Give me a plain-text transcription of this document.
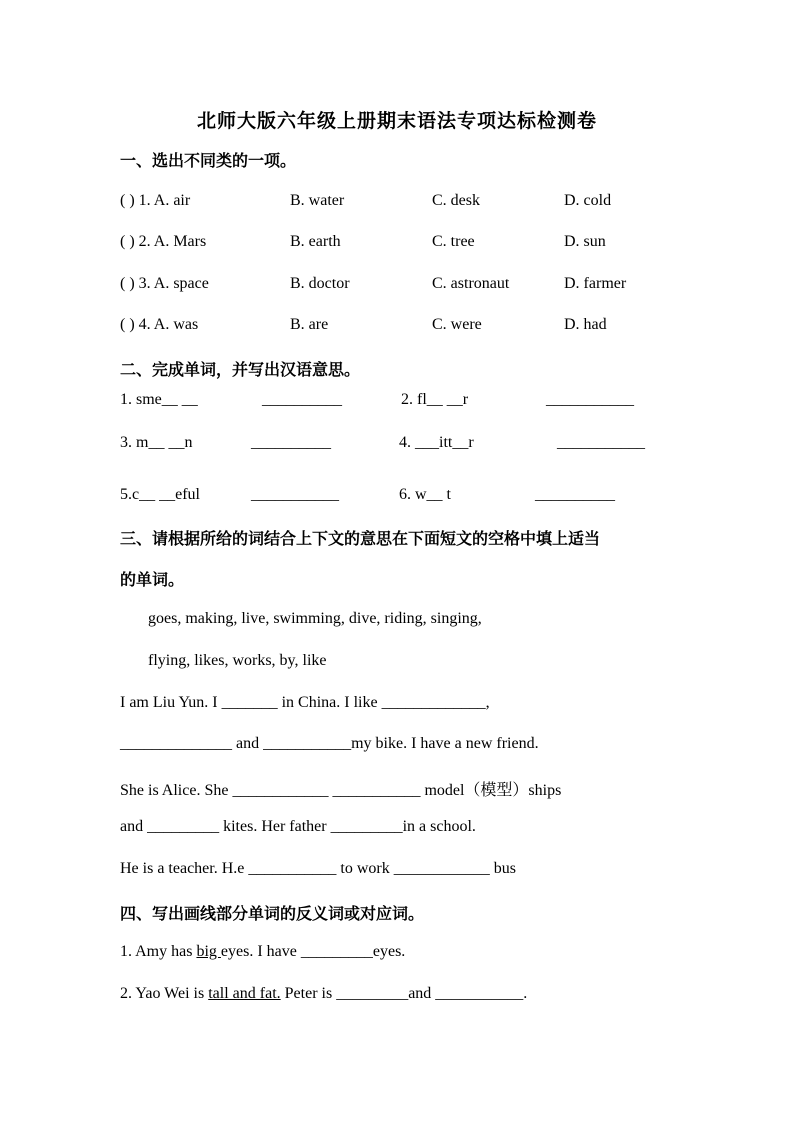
北师大版六年级上册期末语法专项达标检测卷
一、选出不同类的一项。
( ) 1. A. air	B. water	C. desk	D. cold
( ) 2. A. Mars	B. earth	C. tree	D. sun
( ) 3. A. space	B. doctor	C. astronaut	D. farmer
( ) 4. A. was	B. are	C. were	D. had
二、完成单词，并写出汉语意思。
1. sme__ __	__________	2. fl__ __r	___________
3. m__ __n	__________	4. ___itt__r	___________
5.c__ __eful	___________	6. w__ t	__________
三、请根据所给的词结合上下文的意思在下面短文的空格中填上适当
的单词。
goes, making, live, swimming, dive, riding, singing,
flying, likes, works, by, like
I am Liu Yun. I _______ in China. I like _____________,
______________ and ___________my bike. I have a new friend.
She is Alice. She ____________ ___________ model（模型）ships
and _________ kites. Her father _________in a school.
He is a teacher. H.e ___________ to work ____________ bus
四、写出画线部分单词的反义词或对应词。
1. Amy has big eyes. I have _________eyes.
2. Yao Wei is tall and fat. Peter is _________and ___________.
